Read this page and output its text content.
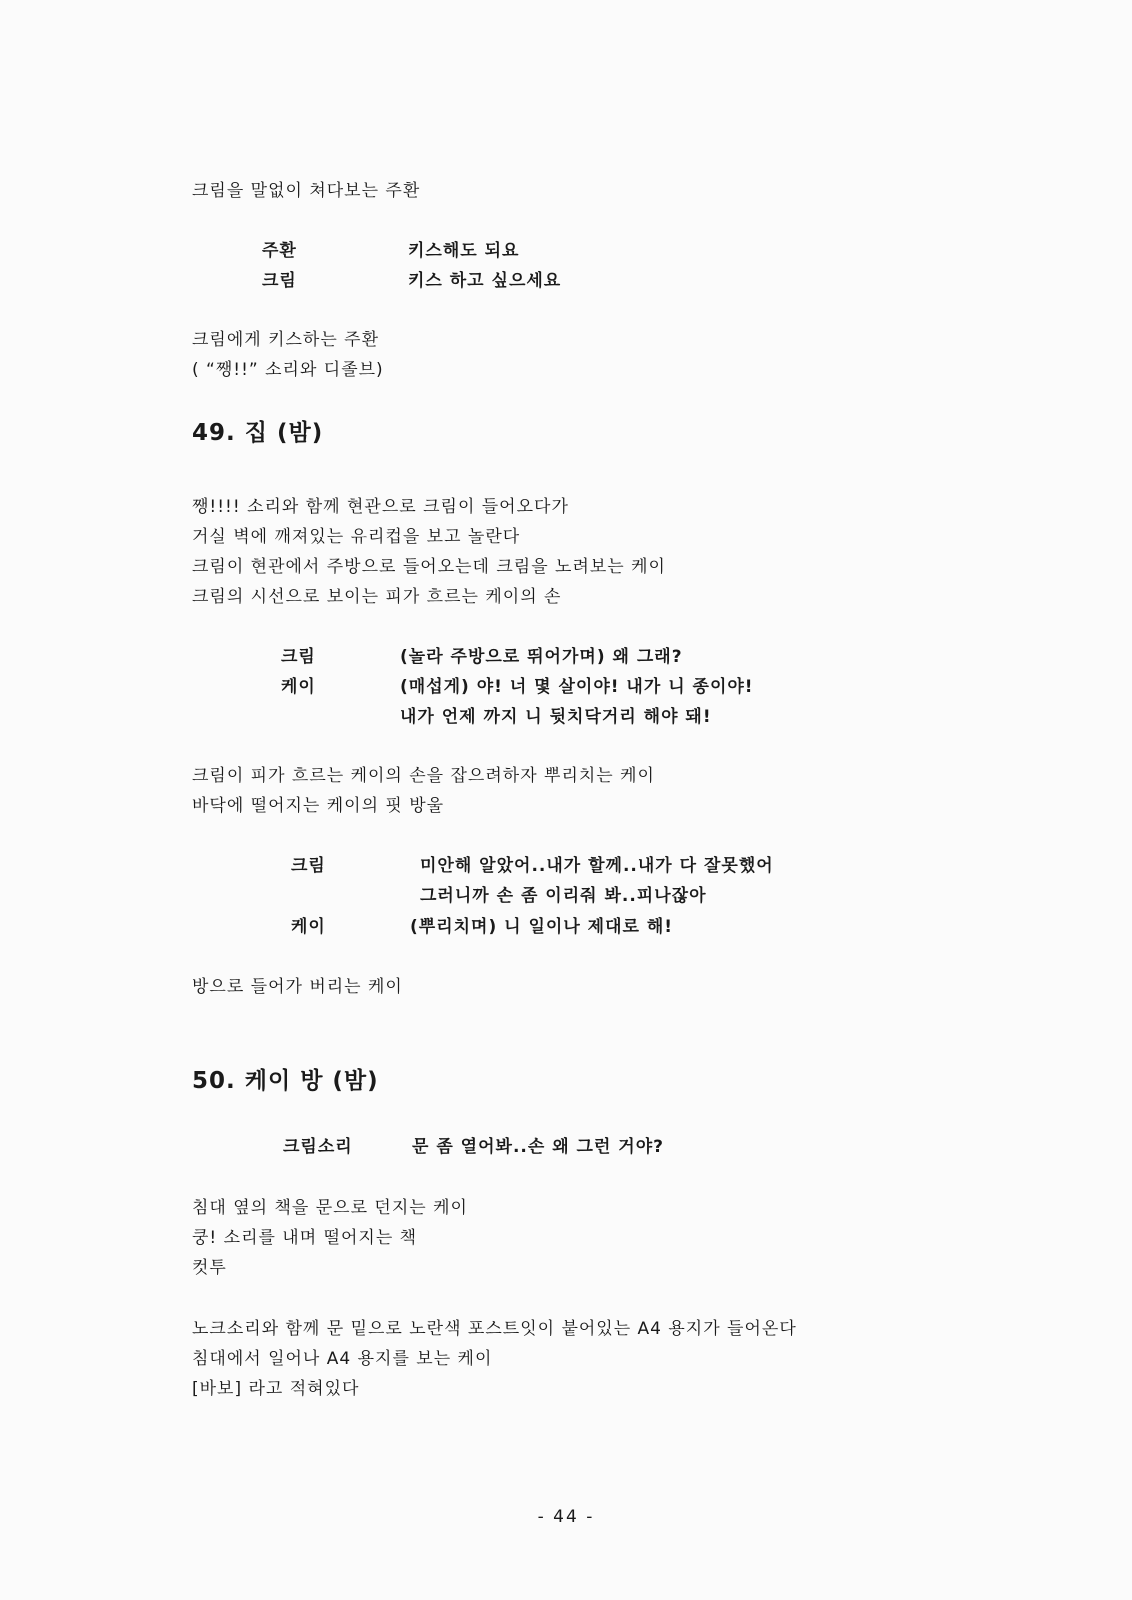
크림을 말없이 쳐다보는 주환
주환	키스해도 되요
크림	키스 하고 싶으세요
크림에게 키스하는 주환
( “쨍!!” 소리와 디졸브)
49. 집 (밤)
쨍!!!! 소리와 함께 현관으로 크림이 들어오다가
거실 벽에 깨져있는 유리컵을 보고 놀란다
크림이 현관에서 주방으로 들어오는데 크림을 노려보는 케이
크림의 시선으로 보이는 피가 흐르는 케이의 손
크림	(놀라 주방으로 뛰어가며) 왜 그래?
케이	(매섭게) 야! 너 몇 살이야! 내가 니 종이야!
내가 언제 까지 니 뒷치닥거리 해야 돼!
크림이 피가 흐르는 케이의 손을 잡으려하자 뿌리치는 케이
바닥에 떨어지는 케이의 핏 방울
크림	미안해 알았어..내가 할께..내가 다 잘못했어
그러니까 손 좀 이리줘 봐..피나잖아
케이	(뿌리치며) 니 일이나 제대로 해!
방으로 들어가 버리는 케이
50. 케이 방 (밤)
크림소리	문 좀 열어봐..손 왜 그런 거야?
침대 옆의 책을 문으로 던지는 케이
쿵! 소리를 내며 떨어지는 책
컷투
노크소리와 함께 문 밑으로 노란색 포스트잇이 붙어있는 A4 용지가 들어온다
침대에서 일어나 A4 용지를 보는 케이
[바보] 라고 적혀있다
- 44 -
